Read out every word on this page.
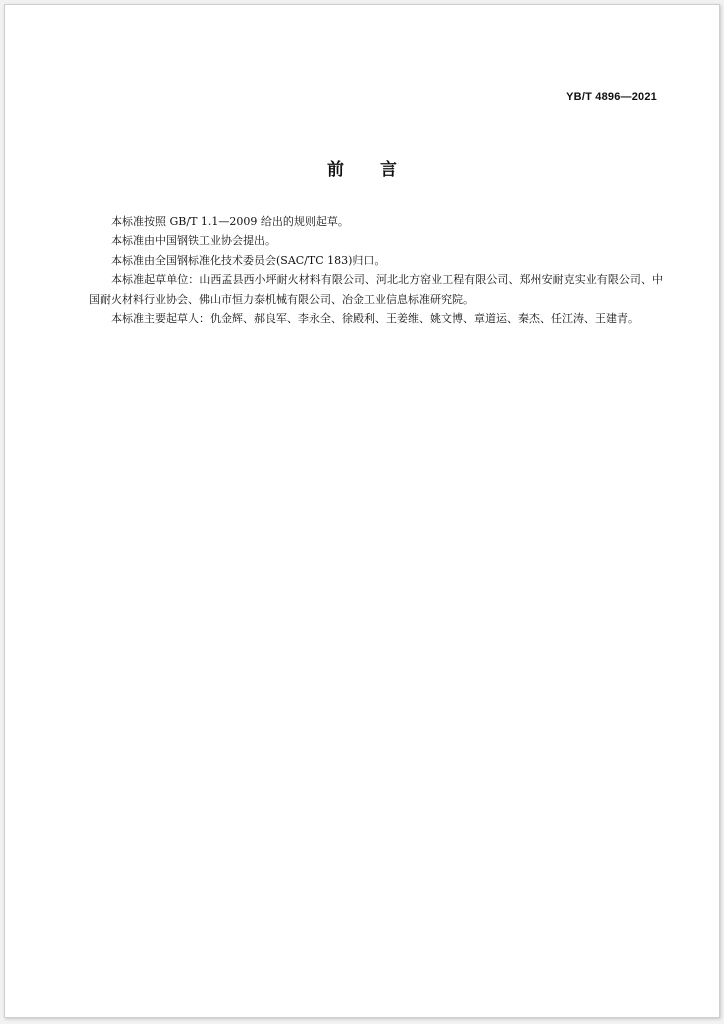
YB/T 4896—2021
前言

本标准按照 GB/T 1.1—2009 给出的规则起草。

本标准由中国钢铁工业协会提出。

本标准由全国钢标准化技术委员会(SAC/TC 183)归口。

本标准起草单位：山西孟县西小坪耐火材料有限公司、河北北方窑业工程有限公司、郑州安耐克实业有限公司、中国耐火材料行业协会、佛山市恒力泰机械有限公司、冶金工业信息标准研究院。

本标准主要起草人：仇金辉、郝良军、李永全、徐殿利、王姜维、姚文博、章道运、秦杰、任江涛、王建青。
